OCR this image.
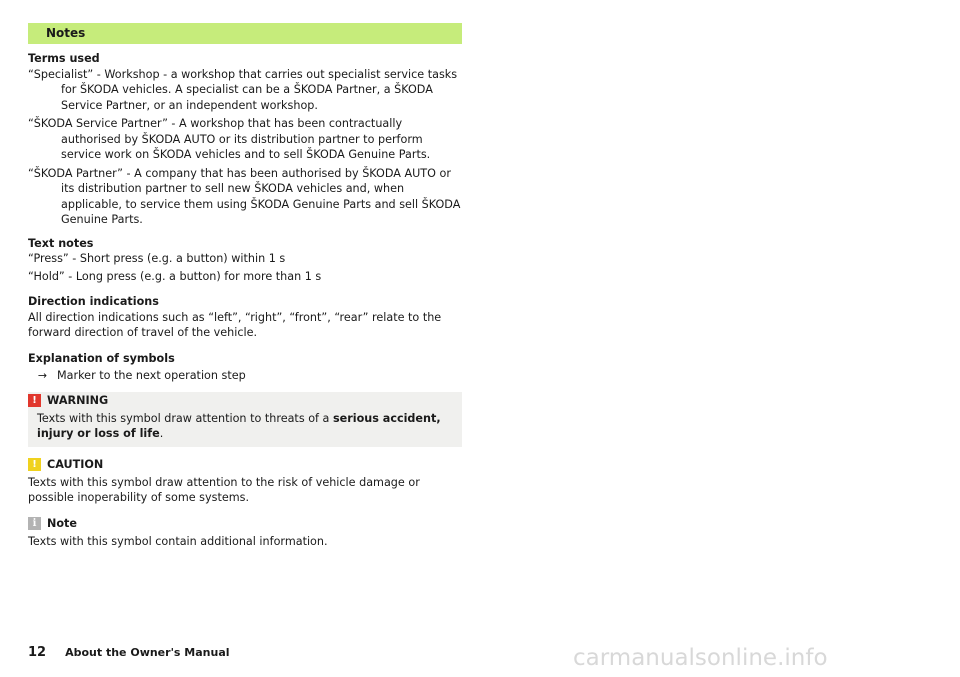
Notes
Terms used

“Specialist” - Workshop - a workshop that carries out specialist service tasks for ŠKODA vehicles. A specialist can be a ŠKODA Partner, a ŠKODA Service Partner, or an independent workshop.

“ŠKODA Service Partner” - A workshop that has been contractually authorised by ŠKODA AUTO or its distribution partner to perform service work on ŠKODA vehicles and to sell ŠKODA Genuine Parts.

“ŠKODA Partner” - A company that has been authorised by ŠKODA AUTO or its distribution partner to sell new ŠKODA vehicles and, when applicable, to service them using ŠKODA Genuine Parts and sell ŠKODA Genuine Parts.

Text notes
“Press” - Short press (e.g. a button) within 1 s
“Hold” - Long press (e.g. a button) for more than 1 s
Direction indications
All direction indications such as “left”, “right”, “front”, “rear” relate to the forward direction of travel of the vehicle.
Explanation of symbols
→ Marker to the next operation step
! WARNING
Texts with this symbol draw attention to threats of a serious accident, injury or loss of life.
! CAUTION
Texts with this symbol draw attention to the risk of vehicle damage or possible inoperability of some systems.
i Note
Texts with this symbol contain additional information.
12 About the Owner's Manual	carmanualsonline.info
